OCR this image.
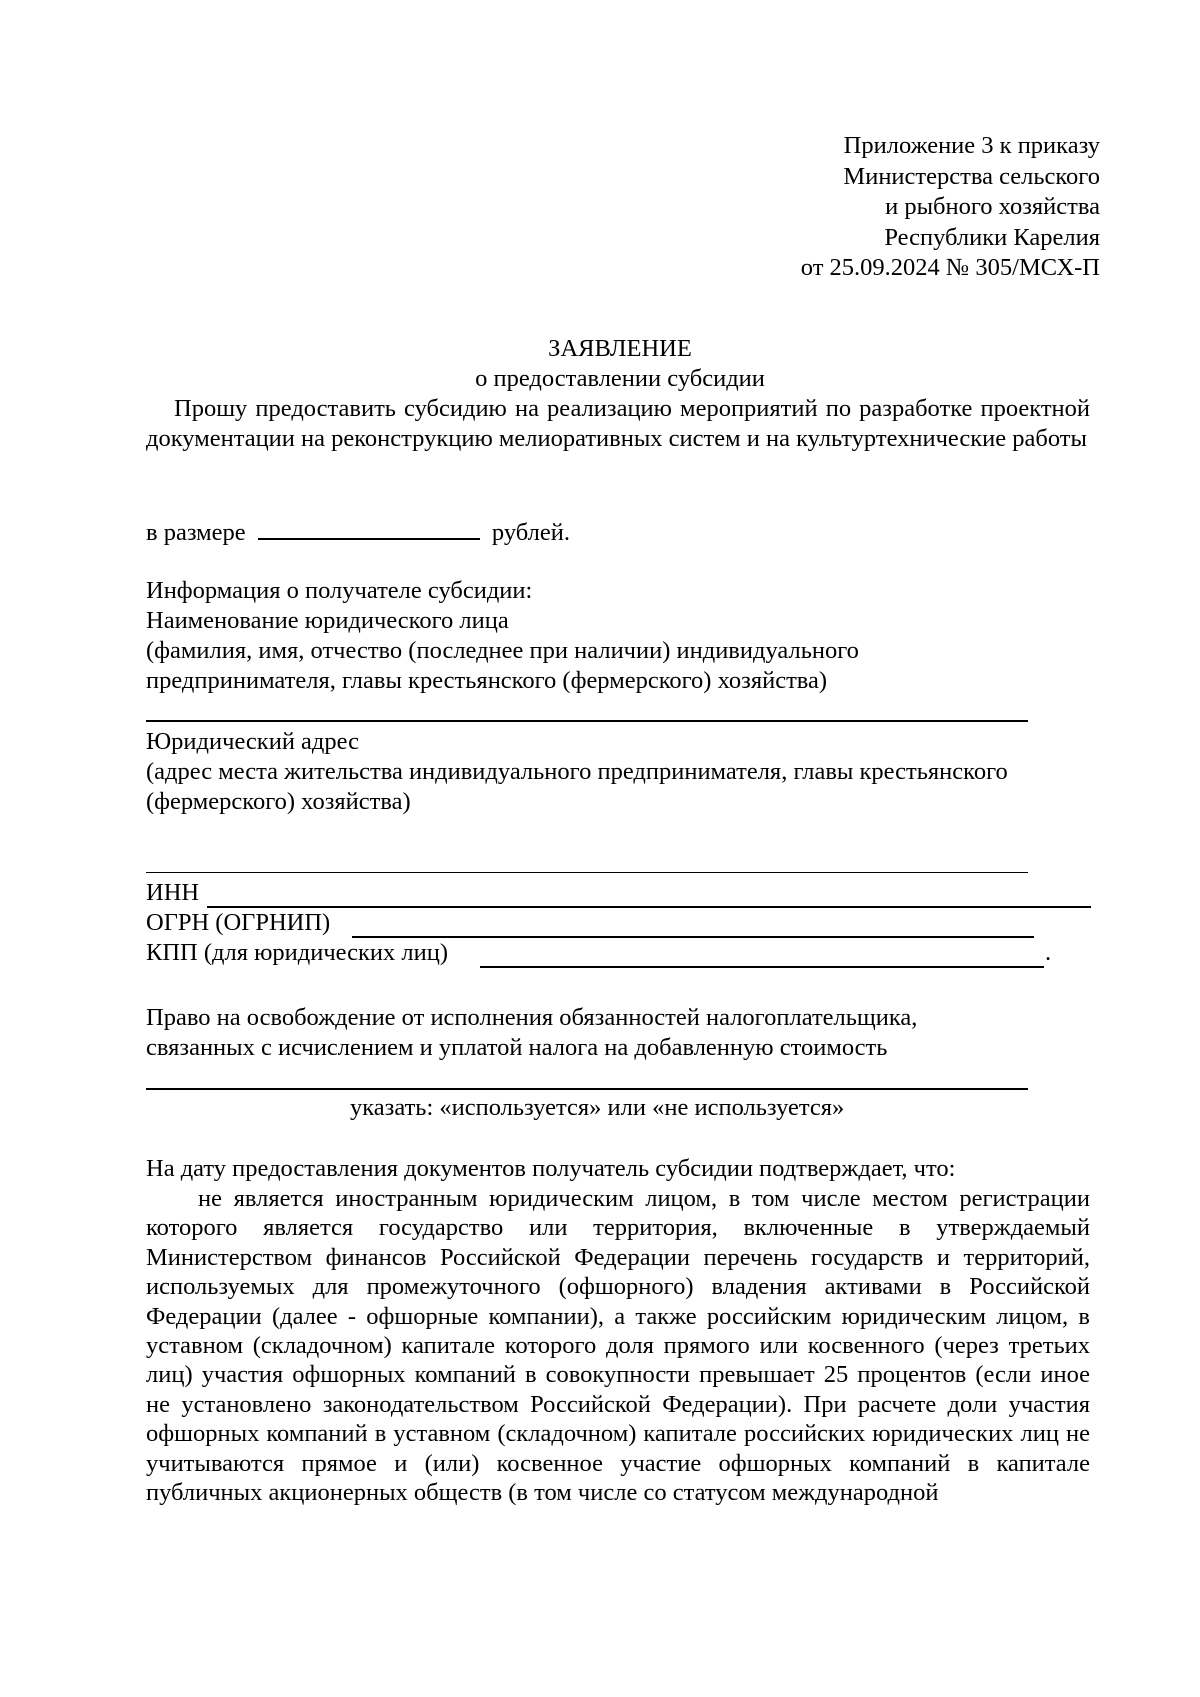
Приложение 3 к приказу
Министерства сельского
и рыбного хозяйства
Республики Карелия
от 25.09.2024 № 305/МСХ-П
ЗАЯВЛЕНИЕ
о предоставлении субсидии
Прошу предоставить субсидию на реализацию мероприятий по разработке проектной документации на реконструкцию мелиоративных систем и на культуртехнические работы
в размере	рублей.
Информация о получателе субсидии:
Наименование юридического лица
(фамилия, имя, отчество (последнее при наличии) индивидуального
предпринимателя, главы крестьянского (фермерского) хозяйства)
Юридический адрес
(адрес места жительства индивидуального предпринимателя, главы крестьянского
(фермерского) хозяйства)
ИНН
ОГРН (ОГРНИП)
КПП (для юридических лиц)	.
Право на освобождение от исполнения обязанностей налогоплательщика,
связанных с исчислением и уплатой налога на добавленную стоимость
указать: «используется» или «не используется»
На дату предоставления документов получатель субсидии подтверждает, что:
не является иностранным юридическим лицом, в том числе местом регистрации которого является государство или территория, включенные в утверждаемый Министерством финансов Российской Федерации перечень государств и территорий, используемых для промежуточного (офшорного) владения активами в Российской Федерации (далее - офшорные компании), а также российским юридическим лицом, в уставном (складочном) капитале которого доля прямого или косвенного (через третьих лиц) участия офшорных компаний в совокупности превышает 25 процентов (если иное не установлено законодательством Российской Федерации). При расчете доли участия офшорных компаний в уставном (складочном) капитале российских юридических лиц не учитываются прямое и (или) косвенное участие офшорных компаний в капитале публичных акционерных обществ (в том числе со статусом международной
